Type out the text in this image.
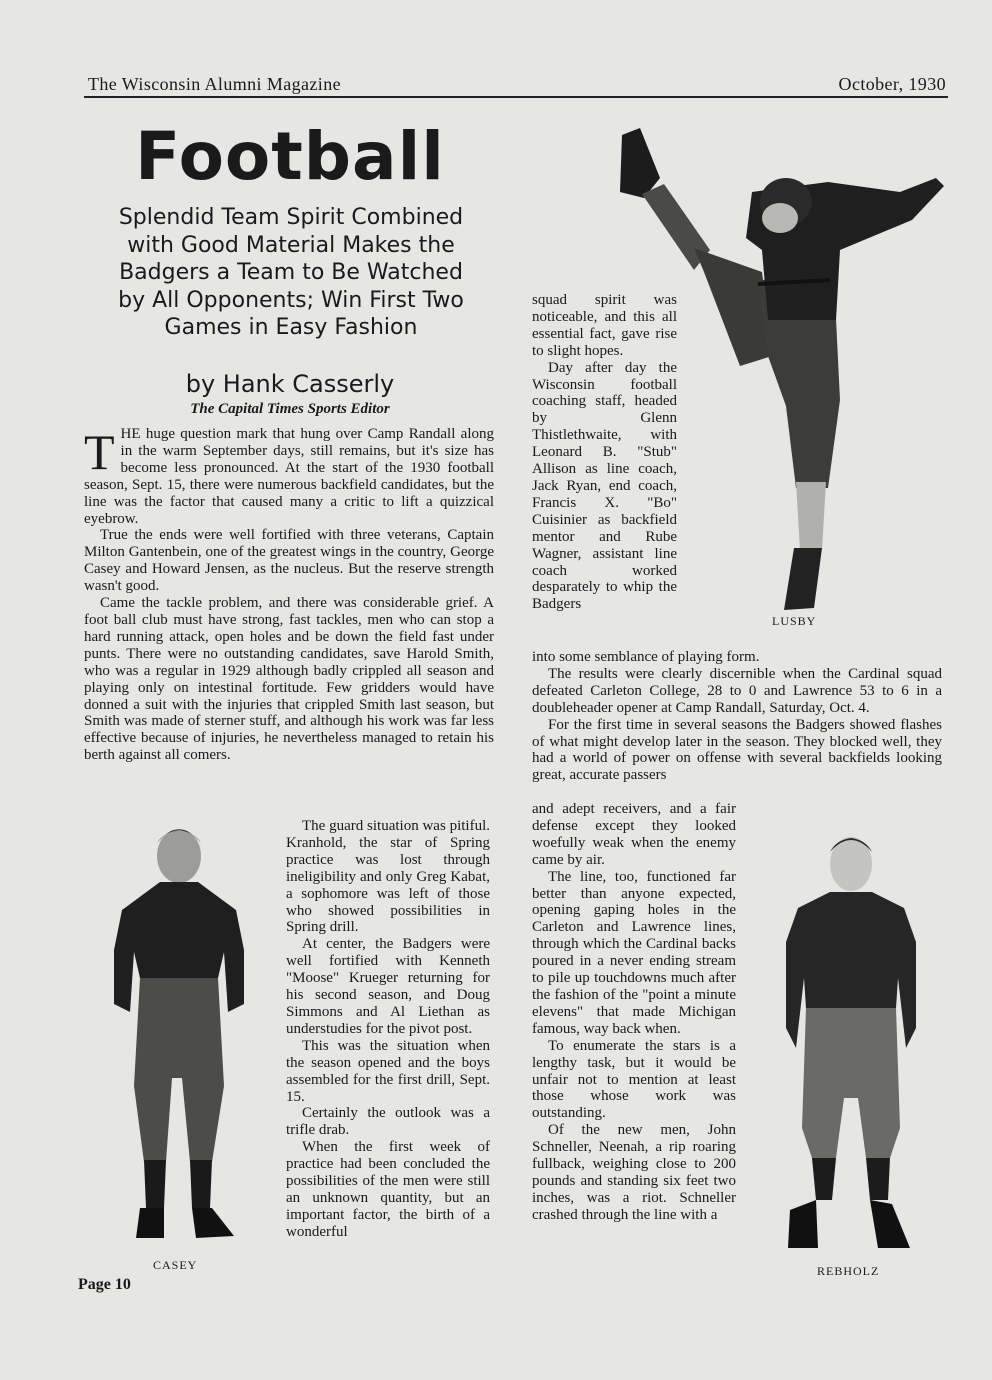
The Wisconsin Alumni Magazine	October, 1930
Football
Splendid Team Spirit Combined with Good Material Makes the Badgers a Team to Be Watched by All Opponents; Win First Two Games in Easy Fashion
by Hank Casserly
The Capital Times Sports Editor
T HE huge question mark that hung over Camp Randall along in the warm September days, still remains, but it's size has become less pronounced. At the start of the 1930 football season, Sept. 15, there were numerous backfield candidates, but the line was the factor that caused many a critic to lift a quizzical eyebrow.

True the ends were well fortified with three veterans, Captain Milton Gantenbein, one of the greatest wings in the country, George Casey and Howard Jensen, as the nucleus. But the reserve strength wasn't good.

Came the tackle problem, and there was considerable grief. A foot ball club must have strong, fast tackles, men who can stop a hard running attack, open holes and be down the field fast under punts. There were no outstanding candidates, save Harold Smith, who was a regular in 1929 although badly crippled all season and playing only on intestinal fortitude. Few gridders would have donned a suit with the injuries that crippled Smith last season, but Smith was made of sterner stuff, and although his work was far less effective because of injuries, he nevertheless managed to retain his berth against all comers.

The guard situation was pitiful. Kranhold, the star of Spring practice was lost through ineligibility and only Greg Kabat, a sophomore was left of those who showed possibilities in Spring drill.

At center, the Badgers were well fortified with Kenneth "Moose" Krueger returning for his second season, and Doug Simmons and Al Liethan as understudies for the pivot post.

This was the situation when the season opened and the boys assembled for the first drill, Sept. 15.

Certainly the outlook was a trifle drab.

When the first week of practice had been concluded the possibilities of the men were still an unknown quantity, but an important factor, the birth of a wonderful

squad spirit was noticeable, and this all essential fact, gave rise to slight hopes.

Day after day the Wisconsin football coaching staff, headed by Glenn Thistlethwaite, with Leonard B. "Stub" Allison as line coach, Jack Ryan, end coach, Francis X. "Bo" Cuisinier as backfield mentor and Rube Wagner, assistant line coach worked desparately to whip the Badgers

into some semblance of playing form.

The results were clearly discernible when the Cardinal squad defeated Carleton College, 28 to 0 and Lawrence 53 to 6 in a doubleheader opener at Camp Randall, Saturday, Oct. 4.

For the first time in several seasons the Badgers showed flashes of what might develop later in the season. They blocked well, they had a world of power on offense with several backfields looking great, accurate passers

and adept receivers, and a fair defense except they looked woefully weak when the enemy came by air.

The line, too, functioned far better than anyone expected, opening gaping holes in the Carleton and Lawrence lines, through which the Cardinal backs poured in a never ending stream to pile up touchdowns much after the fashion of the "point a minute elevens" that made Michigan famous, way back when.

To enumerate the stars is a lengthy task, but it would be unfair not to mention at least those whose work was outstanding.

Of the new men, John Schneller, Neenah, a rip roaring fullback, weighing close to 200 pounds and standing six feet two inches, was a riot. Schneller crashed through the line with a

LUSBY
CASEY	REBHOLZ
Page 10
